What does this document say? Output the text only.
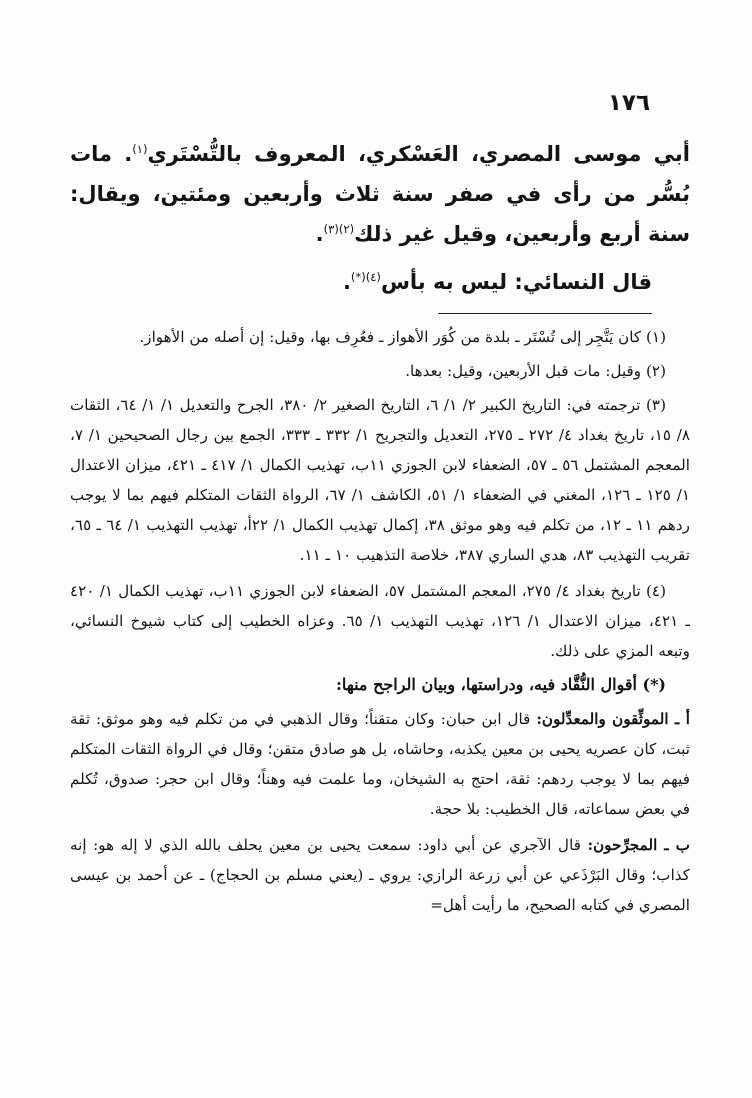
١٧٦

أبي موسى المصري، العَسْكري، المعروف بالتُّسْتَري$^{(١)}$. مات بُسُّر من رأى في صفر سنة ثلاث وأربعين ومئتين، ويقال: سنة أربع وأربعين، وقيل غير ذلك$^{(٢)(٣)}$.

قال النسائي: ليس به بأس$^{(٤)(*)}$.

(١) كان يَتَّجِر إلى تُسْتَر ـ بلدة من كُوَر الأهواز ـ فعُرِف بها، وقيل: إن أصله من الأهواز.

(٢) وقيل: مات قبل الأربعين، وقيل: بعدها.

(٣) ترجمته في: التاريخ الكبير ٢/ ١/ ٦، التاريخ الصغير ٢/ ٣٨٠، الجرح والتعديل ١/ ١/ ٦٤، الثقات ٨/ ١٥، تاريخ بغداد ٤/ ٢٧٢ ـ ٢٧٥، التعديل والتجريح ١/ ٣٣٢ ـ ٣٣٣، الجمع بين رجال الصحيحين ١/ ٧، المعجم المشتمل ٥٦ ـ ٥٧، الضعفاء لابن الجوزي ١١ب، تهذيب الكمال ١/ ٤١٧ ـ ٤٢١، ميزان الاعتدال ١/ ١٢٥ ـ ١٢٦، المغني في الضعفاء ١/ ٥١، الكاشف ١/ ٦٧، الرواة الثقات المتكلم فيهم بما لا يوجب ردهم ١١ ـ ١٢، من تكلم فيه وهو موثق ٣٨، إكمال تهذيب الكمال ١/ ٢٢أ، تهذيب التهذيب ١/ ٦٤ ـ ٦٥، تقريب التهذيب ٨٣، هدي الساري ٣٨٧، خلاصة التذهيب ١٠ ـ ١١.

(٤) تاريخ بغداد ٤/ ٢٧٥، المعجم المشتمل ٥٧، الضعفاء لابن الجوزي ١١ب، تهذيب الكمال ١/ ٤٢٠ ـ ٤٢١، ميزان الاعتدال ١/ ١٢٦، تهذيب التهذيب ١/ ٦٥. وعزاه الخطيب إلى كتاب شيوخ النسائي، وتبعه المزي على ذلك.

(*) أقوال النُّقَّاد فيه، ودراستها، وبيان الراجح منها:

أ ـ الموثِّقون والمعدِّلون: قال ابن حبان: وكان متقناً؛ وقال الذهبي في من تكلم فيه وهو موثق: ثقة ثبت، كان عصريه يحيى بن معين يكذبه، وحاشاه، بل هو صادق متقن؛ وقال في الرواة الثقات المتكلم فيهم بما لا يوجب ردهم: ثقة، احتج به الشيخان، وما علمت فيه وهناً؛ وقال ابن حجر: صدوق، تُكلم في بعض سماعاته، قال الخطيب: بلا حجة.

ب ـ المجرِّحون: قال الآجري عن أبي داود: سمعت يحيى بن معين يحلف بالله الذي لا إله هو: إنه كذاب؛ وقال البَرْذَعي عن أبي زرعة الرازي: يروي ـ (يعني مسلم بن الحجاج) ـ عن أحمد بن عيسى المصري في كتابه الصحيح، ما رأيت أهل=
